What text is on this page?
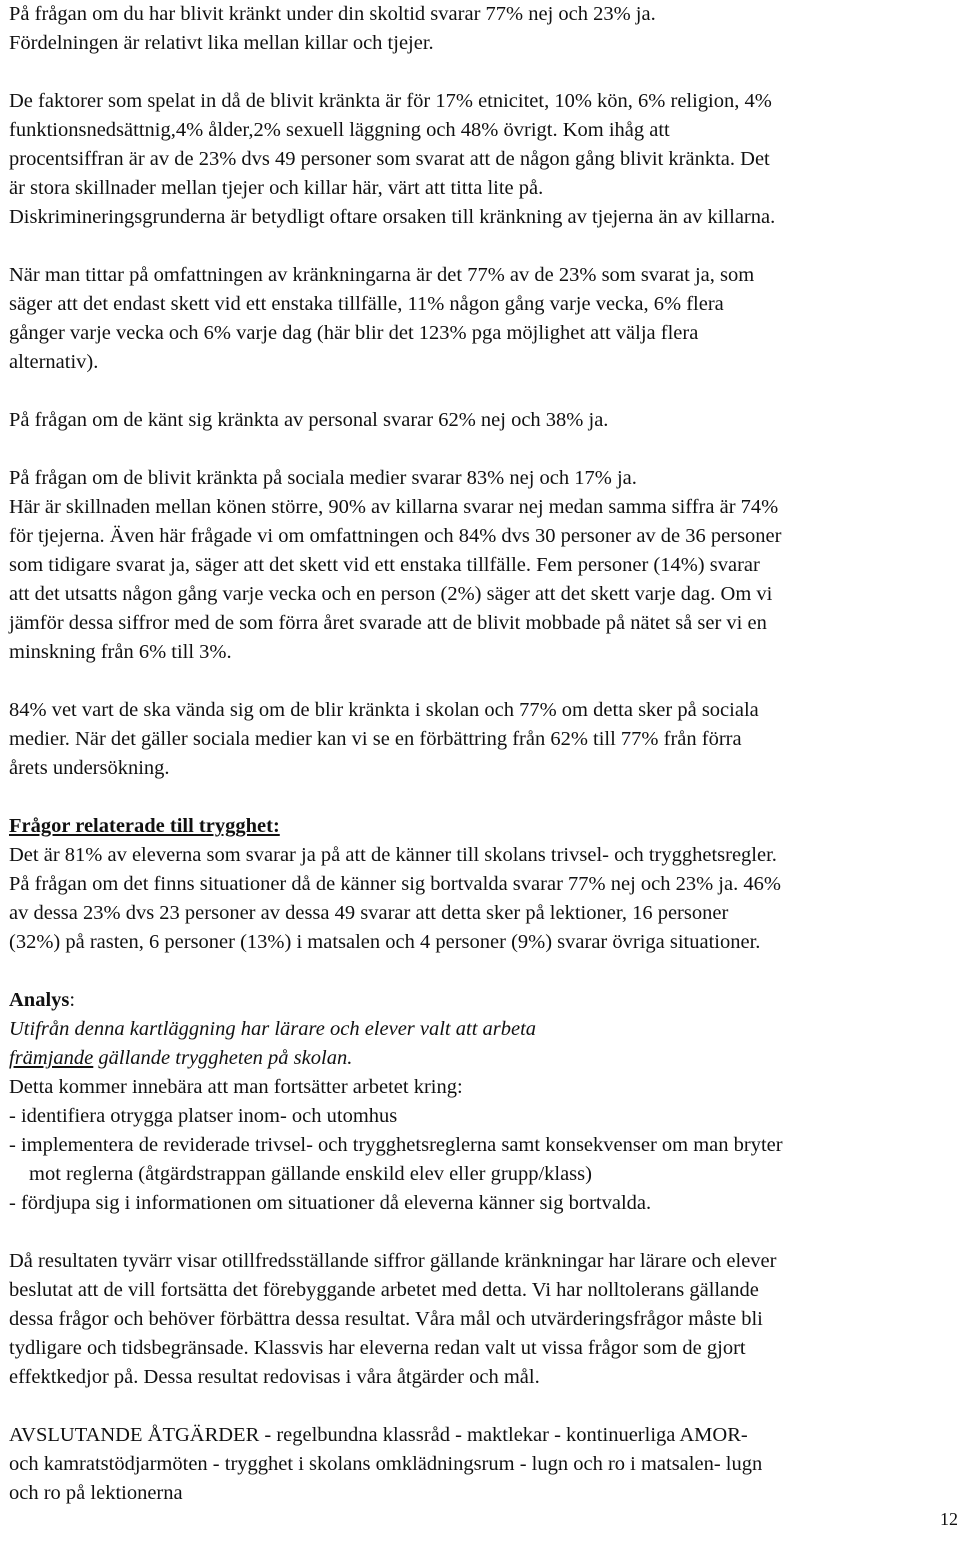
På frågan om du har blivit kränkt under din skoltid svarar 77% nej och 23% ja.
Fördelningen är relativt lika mellan killar och tjejer.

De faktorer som spelat in då de blivit kränkta är för 17% etnicitet, 10% kön, 6% religion, 4%
funktionsnedsättnig,4% ålder,2% sexuell läggning och 48% övrigt. Kom ihåg att
procentsiffran är av de 23% dvs 49 personer som svarat att de någon gång blivit kränkta. Det
är stora skillnader mellan tjejer och killar här, värt att titta lite på.
Diskrimineringsgrunderna är betydligt oftare orsaken till kränkning av tjejerna än av killarna.

När man tittar på omfattningen av kränkningarna är det 77% av de 23% som svarat ja, som
säger att det endast skett vid ett enstaka tillfälle, 11% någon gång varje vecka, 6% flera
gånger varje vecka och 6% varje dag (här blir det 123% pga möjlighet att välja flera
alternativ).

På frågan om de känt sig kränkta av personal svarar 62% nej och 38% ja.

På frågan om de blivit kränkta på sociala medier svarar 83% nej och 17% ja.
Här är skillnaden mellan könen större, 90% av killarna svarar nej medan samma siffra är 74%
för tjejerna. Även här frågade vi om omfattningen och 84% dvs 30 personer av de 36 personer
som tidigare svarat ja, säger att det skett vid ett enstaka tillfälle. Fem personer (14%) svarar
att det utsatts någon gång varje vecka och en person (2%) säger att det skett varje dag. Om vi
jämför dessa siffror med de som förra året svarade att de blivit mobbade på nätet så ser vi en
minskning från 6% till 3%.

84% vet vart de ska vända sig om de blir kränkta i skolan och 77% om detta sker på sociala
medier. När det gäller sociala medier kan vi se en förbättring från 62% till 77% från förra
årets undersökning.

Frågor relaterade till trygghet:
Det är 81% av eleverna som svarar ja på att de känner till skolans trivsel- och trygghetsregler.
På frågan om det finns situationer då de känner sig bortvalda svarar 77% nej och 23% ja. 46%
av dessa 23% dvs 23 personer av dessa 49 svarar att detta sker på lektioner, 16 personer
(32%) på rasten, 6 personer (13%) i matsalen och 4 personer (9%) svarar övriga situationer.

Analys:
Utifrån denna kartläggning har lärare och elever valt att arbeta
främjande gällande tryggheten på skolan.
Detta kommer innebära att man fortsätter arbetet kring:
- identifiera otrygga platser inom- och utomhus
- implementera de reviderade trivsel- och trygghetsreglerna samt konsekvenser om man bryter
mot reglerna (åtgärdstrappan gällande enskild elev eller grupp/klass)
- fördjupa sig i informationen om situationer då eleverna känner sig bortvalda.

Då resultaten tyvärr visar otillfredsställande siffror gällande kränkningar har lärare och elever
beslutat att de vill fortsätta det förebyggande arbetet med detta. Vi har nolltolerans gällande
dessa frågor och behöver förbättra dessa resultat. Våra mål och utvärderingsfrågor måste bli
tydligare och tidsbegränsade. Klassvis har eleverna redan valt ut vissa frågor som de gjort
effektkedjor på. Dessa resultat redovisas i våra åtgärder och mål.

AVSLUTANDE ÅTGÄRDER - regelbundna klassråd - maktlekar - kontinuerliga AMOR-
och kamratstödjarmöten - trygghet i skolans omklädningsrum - lugn och ro i matsalen- lugn
och ro på lektionerna

12
